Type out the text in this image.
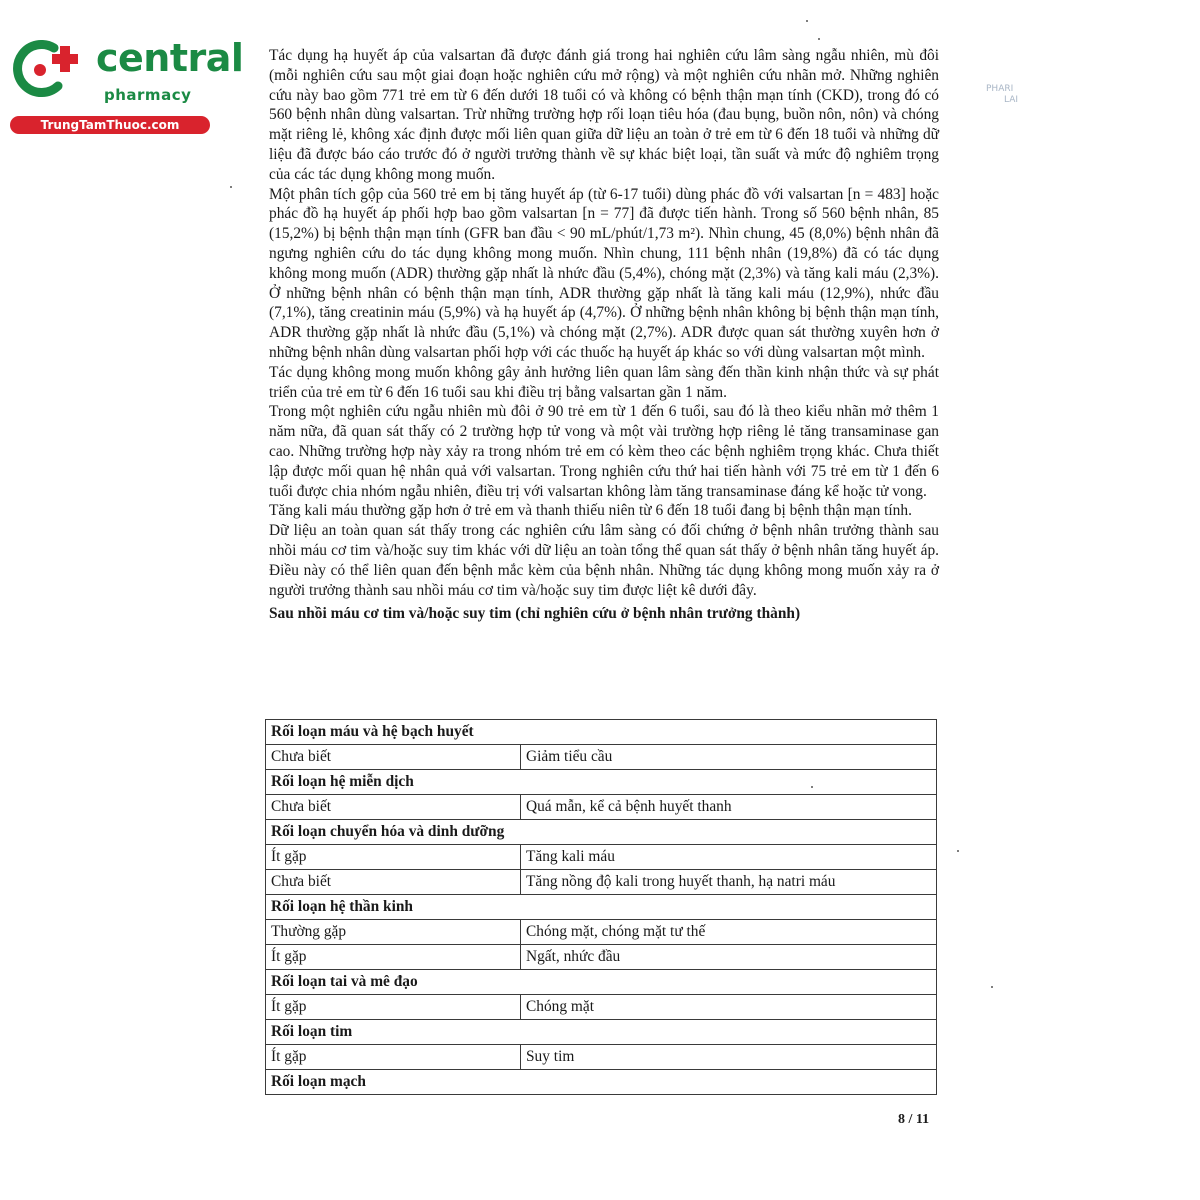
central
pharmacy
TrungTamThuoc.com
PHARI
LAI

Tác dụng hạ huyết áp của valsartan đã được đánh giá trong hai nghiên cứu lâm sàng ngẫu nhiên, mù đôi (mỗi nghiên cứu sau một giai đoạn hoặc nghiên cứu mở rộng) và một nghiên cứu nhãn mở. Những nghiên cứu này bao gồm 771 trẻ em từ 6 đến dưới 18 tuổi có và không có bệnh thận mạn tính (CKD), trong đó có 560 bệnh nhân dùng valsartan. Trừ những trường hợp rối loạn tiêu hóa (đau bụng, buồn nôn, nôn) và chóng mặt riêng lẻ, không xác định được mối liên quan giữa dữ liệu an toàn ở trẻ em từ 6 đến 18 tuổi và những dữ liệu đã được báo cáo trước đó ở người trưởng thành về sự khác biệt loại, tần suất và mức độ nghiêm trọng của các tác dụng không mong muốn.

Một phân tích gộp của 560 trẻ em bị tăng huyết áp (từ 6-17 tuổi) dùng phác đồ với valsartan [n = 483] hoặc phác đồ hạ huyết áp phối hợp bao gồm valsartan [n = 77] đã được tiến hành. Trong số 560 bệnh nhân, 85 (15,2%) bị bệnh thận mạn tính (GFR ban đầu < 90 mL/phút/1,73 m²). Nhìn chung, 45 (8,0%) bệnh nhân đã ngưng nghiên cứu do tác dụng không mong muốn. Nhìn chung, 111 bệnh nhân (19,8%) đã có tác dụng không mong muốn (ADR) thường gặp nhất là nhức đầu (5,4%), chóng mặt (2,3%) và tăng kali máu (2,3%). Ở những bệnh nhân có bệnh thận mạn tính, ADR thường gặp nhất là tăng kali máu (12,9%), nhức đầu (7,1%), tăng creatinin máu (5,9%) và hạ huyết áp (4,7%). Ở những bệnh nhân không bị bệnh thận mạn tính, ADR thường gặp nhất là nhức đầu (5,1%) và chóng mặt (2,7%). ADR được quan sát thường xuyên hơn ở những bệnh nhân dùng valsartan phối hợp với các thuốc hạ huyết áp khác so với dùng valsartan một mình.

Tác dụng không mong muốn không gây ảnh hưởng liên quan lâm sàng đến thần kinh nhận thức và sự phát triển của trẻ em từ 6 đến 16 tuổi sau khi điều trị bằng valsartan gần 1 năm.

Trong một nghiên cứu ngẫu nhiên mù đôi ở 90 trẻ em từ 1 đến 6 tuổi, sau đó là theo kiểu nhãn mở thêm 1 năm nữa, đã quan sát thấy có 2 trường hợp tử vong và một vài trường hợp riêng lẻ tăng transaminase gan cao. Những trường hợp này xảy ra trong nhóm trẻ em có kèm theo các bệnh nghiêm trọng khác. Chưa thiết lập được mối quan hệ nhân quả với valsartan. Trong nghiên cứu thứ hai tiến hành với 75 trẻ em từ 1 đến 6 tuổi được chia nhóm ngẫu nhiên, điều trị với valsartan không làm tăng transaminase đáng kể hoặc tử vong.

Tăng kali máu thường gặp hơn ở trẻ em và thanh thiếu niên từ 6 đến 18 tuổi đang bị bệnh thận mạn tính.

Dữ liệu an toàn quan sát thấy trong các nghiên cứu lâm sàng có đối chứng ở bệnh nhân trưởng thành sau nhồi máu cơ tim và/hoặc suy tim khác với dữ liệu an toàn tổng thể quan sát thấy ở bệnh nhân tăng huyết áp. Điều này có thể liên quan đến bệnh mắc kèm của bệnh nhân. Những tác dụng không mong muốn xảy ra ở người trưởng thành sau nhồi máu cơ tim và/hoặc suy tim được liệt kê dưới đây.

Sau nhồi máu cơ tim và/hoặc suy tim (chỉ nghiên cứu ở bệnh nhân trưởng thành)

Rối loạn máu và hệ bạch huyết	
Chưa biết	Giảm tiểu cầu
Rối loạn hệ miễn dịch	
Chưa biết	Quá mẫn, kể cả bệnh huyết thanh
Rối loạn chuyển hóa và dinh dưỡng	
Ít gặp	Tăng kali máu
Chưa biết	Tăng nồng độ kali trong huyết thanh, hạ natri máu
Rối loạn hệ thần kinh	
Thường gặp	Chóng mặt, chóng mặt tư thế
Ít gặp	Ngất, nhức đầu
Rối loạn tai và mê đạo	
Ít gặp	Chóng mặt
Rối loạn tim	
Ít gặp	Suy tim
Rối loạn mạch	
8 / 11
